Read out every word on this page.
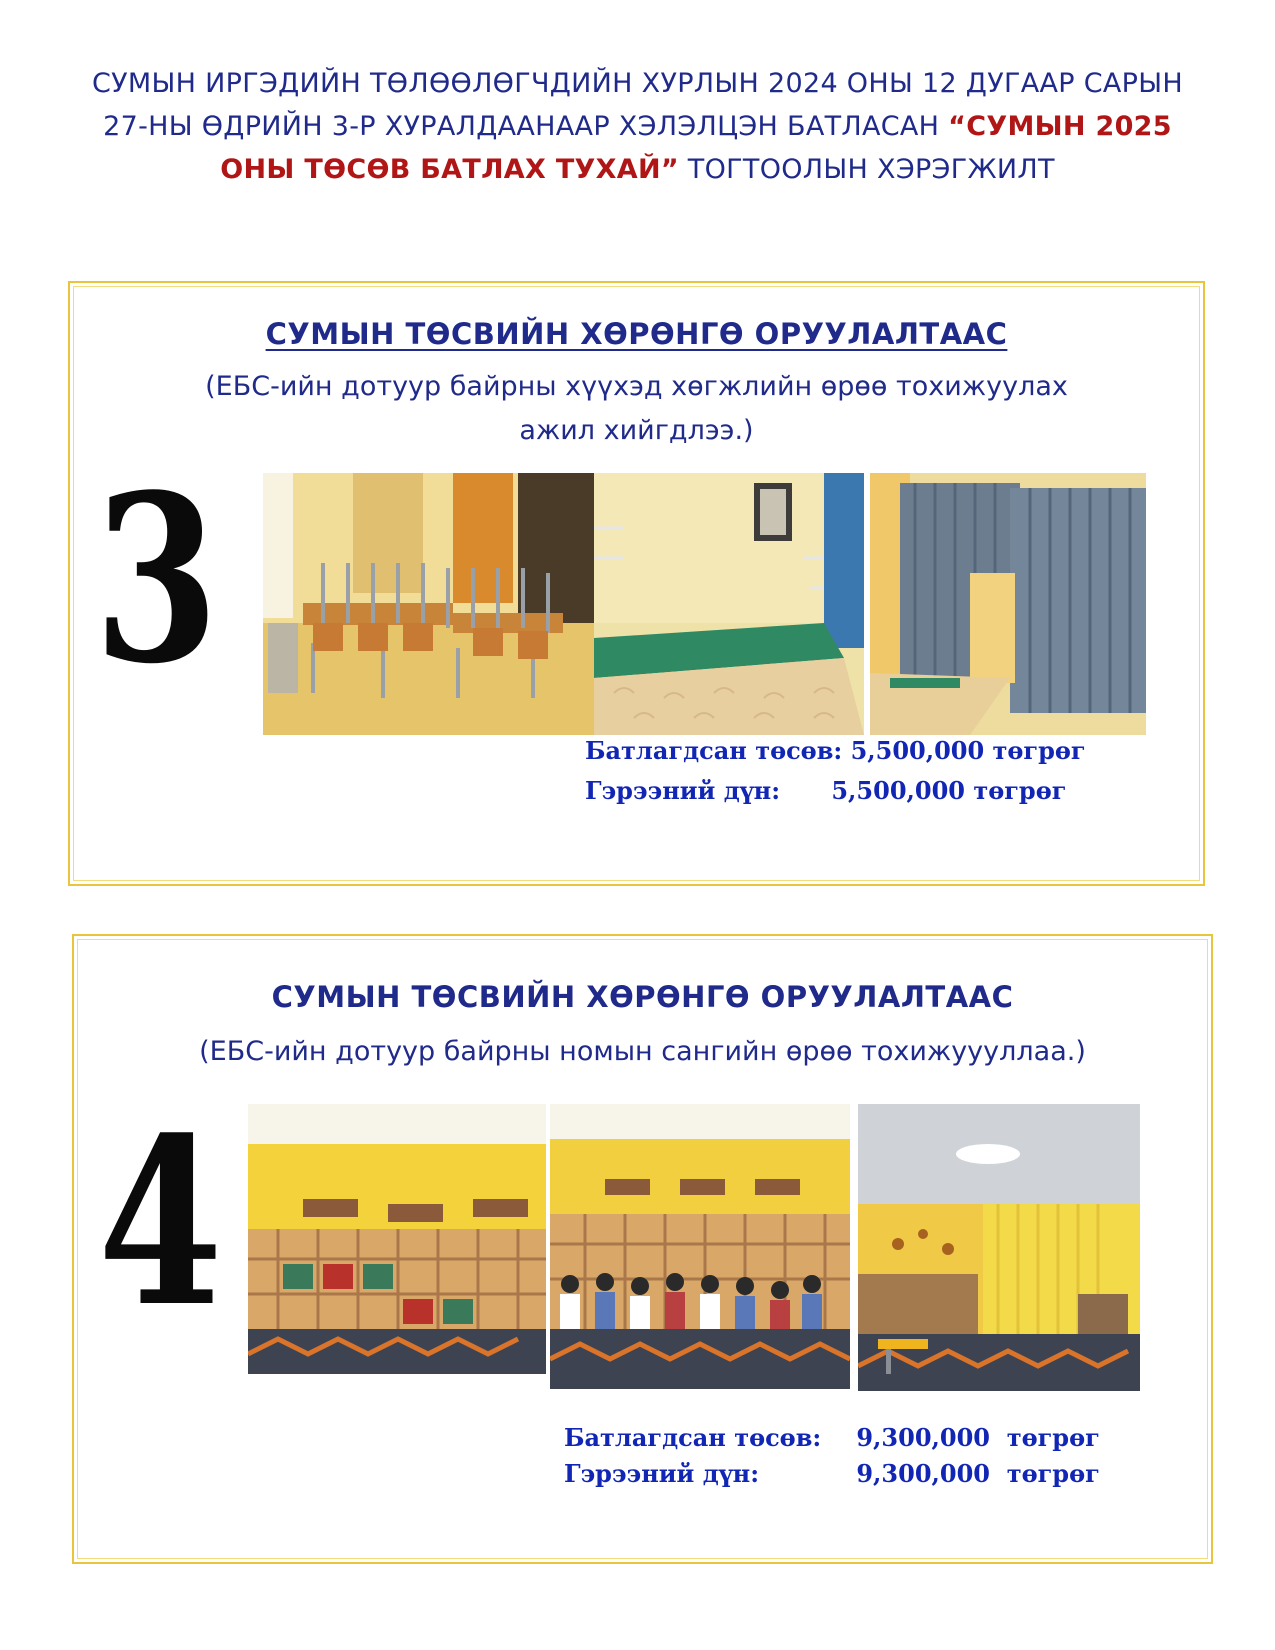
СУМЫН ИРГЭДИЙН ТӨЛӨӨЛӨГЧДИЙН ХУРЛЫН 2024 ОНЫ 12 ДУГААР САРЫН
27-НЫ ӨДРИЙН 3-Р ХУРАЛДААНААР ХЭЛЭЛЦЭН БАТЛАСАН “СУМЫН 2025
ОНЫ ТӨСӨВ БАТЛАХ ТУХАЙ” ТОГТООЛЫН ХЭРЭГЖИЛТ
СУМЫН ТӨСВИЙН ХӨРӨНГӨ ОРУУЛАЛТААС
(ЕБС-ийн дотуур байрны хүүхэд хөгжлийн өрөө тохижуулах
ажил хийгдлээ.)
3
Батлагдсан төсөв: 5,500,000 төгрөг
Гэрээний дүн: 5,500,000 төгрөг
СУМЫН ТӨСВИЙН ХӨРӨНГӨ ОРУУЛАЛТААС
(ЕБС-ийн дотуур байрны номын сангийн өрөө тохижуууллаа.)
4
Батлагдсан төсөв: 9,300,000 төгрөг
Гэрээний дүн:	9,300,000 төгрөг
